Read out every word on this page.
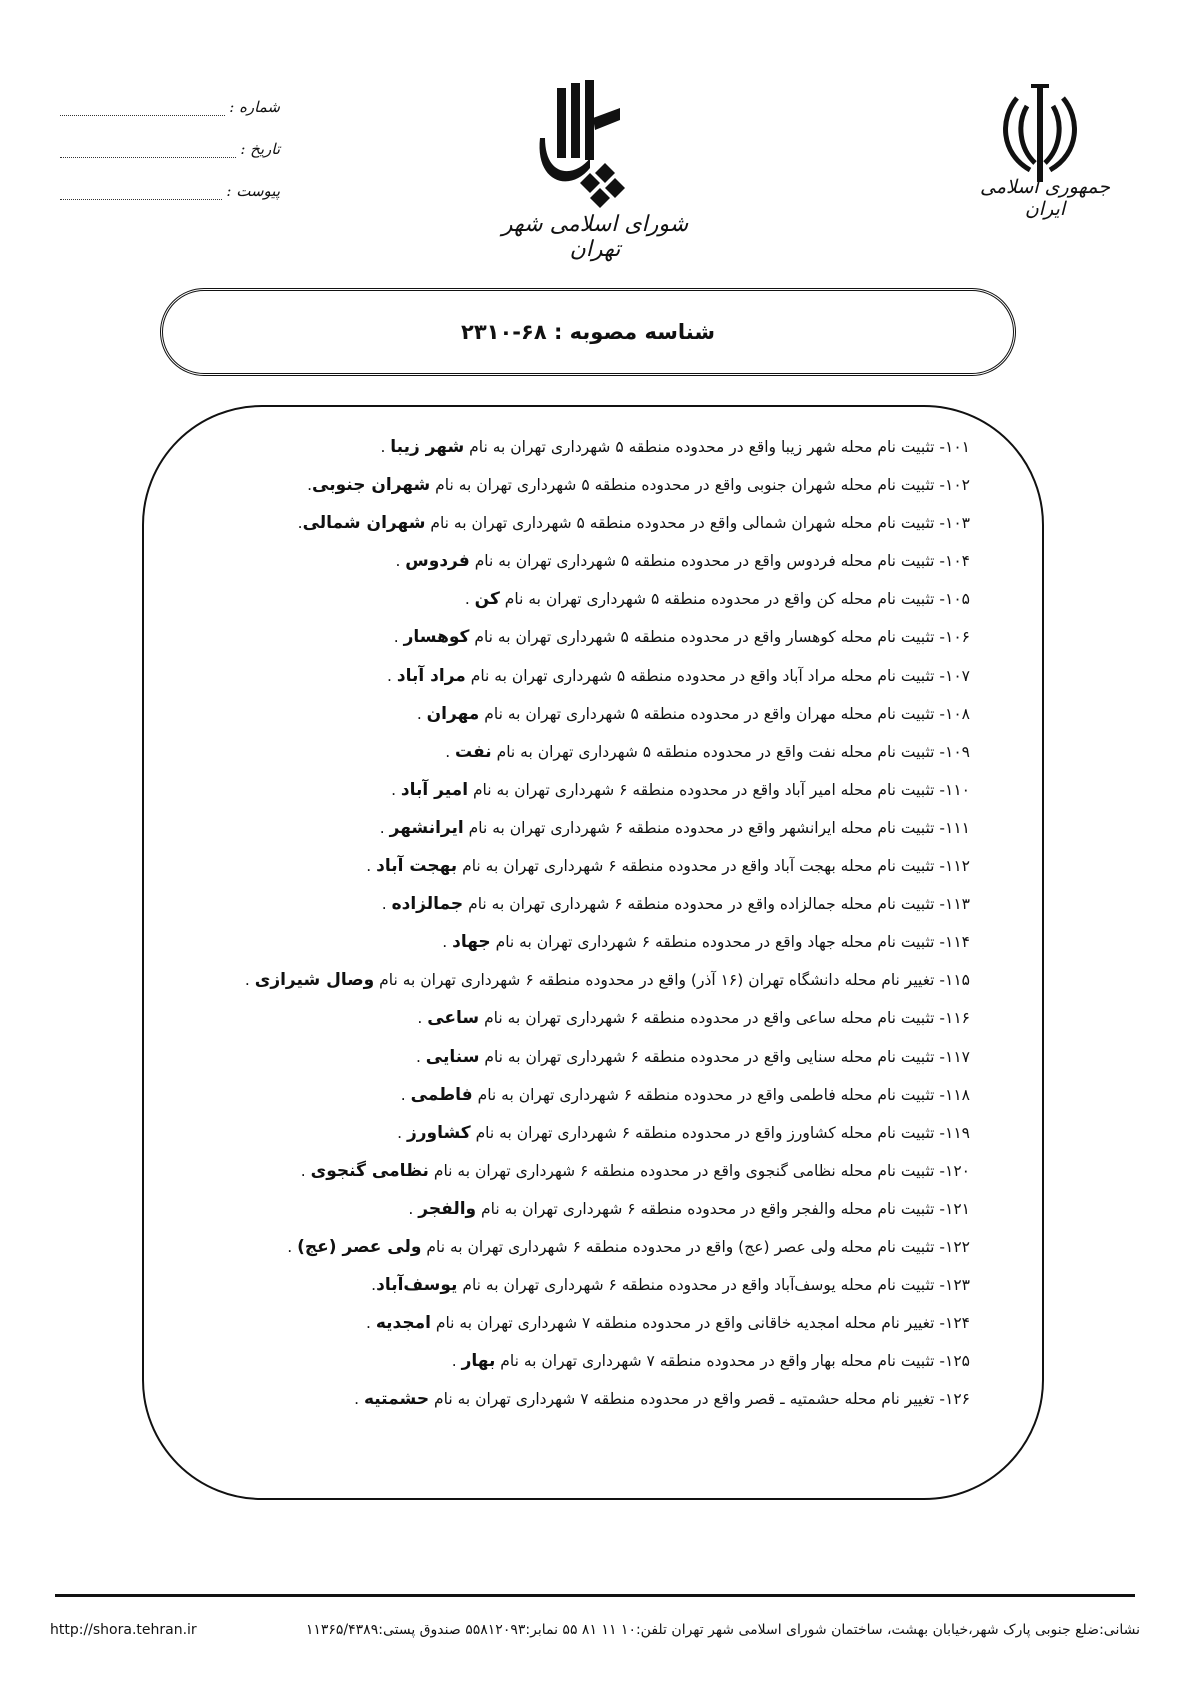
جمهوری اسلامی ایران
شورای اسلامی شهر تهران
شماره :
تاریخ :
پیوست :
شناسه مصوبه : ۶۸-۲۳۱۰
۱۰۱- تثبیت نام محله شهر زیبا واقع در محدوده منطقه ۵ شهرداری تهران به نام شهر زیبا .
۱۰۲- تثبیت نام محله شهران جنوبی واقع در محدوده منطقه ۵ شهرداری تهران به نام شهران جنوبی.
۱۰۳- تثبیت نام محله شهران شمالی واقع در محدوده منطقه ۵ شهرداری تهران به نام شهران شمالی.
۱۰۴- تثبیت نام محله فردوس واقع در محدوده منطقه ۵ شهرداری تهران به نام فردوس .
۱۰۵- تثبیت نام محله کن واقع در محدوده منطقه ۵ شهرداری تهران به نام کن .
۱۰۶- تثبیت نام محله کوهسار واقع در محدوده منطقه ۵ شهرداری تهران به نام کوهسار .
۱۰۷- تثبیت نام محله مراد آباد واقع در محدوده منطقه ۵ شهرداری تهران به نام مراد آباد .
۱۰۸- تثبیت نام محله مهران واقع در محدوده منطقه ۵ شهرداری تهران به نام مهران .
۱۰۹- تثبیت نام محله نفت واقع در محدوده منطقه ۵ شهرداری تهران به نام نفت .
۱۱۰- تثبیت نام محله امیر آباد واقع در محدوده منطقه ۶ شهرداری تهران به نام امیر آباد .
۱۱۱- تثبیت نام محله ایرانشهر واقع در محدوده منطقه ۶ شهرداری تهران به نام ایرانشهر .
۱۱۲- تثبیت نام محله بهجت آباد واقع در محدوده منطقه ۶ شهرداری تهران به نام بهجت آباد .
۱۱۳- تثبیت نام محله جمالزاده واقع در محدوده منطقه ۶ شهرداری تهران به نام جمالزاده .
۱۱۴- تثبیت نام محله جهاد واقع در محدوده منطقه ۶ شهرداری تهران به نام جهاد .
۱۱۵- تغییر نام محله دانشگاه تهران (۱۶ آذر) واقع در محدوده منطقه ۶ شهرداری تهران به نام وصال شیرازی .
۱۱۶- تثبیت نام محله ساعی واقع در محدوده منطقه ۶ شهرداری تهران به نام ساعی .
۱۱۷- تثبیت نام محله سنایی واقع در محدوده منطقه ۶ شهرداری تهران به نام سنایی .
۱۱۸- تثبیت نام محله فاطمی واقع در محدوده منطقه ۶ شهرداری تهران به نام فاطمی .
۱۱۹- تثبیت نام محله کشاورز واقع در محدوده منطقه ۶ شهرداری تهران به نام کشاورز .
۱۲۰- تثبیت نام محله نظامی گنجوی واقع در محدوده منطقه ۶ شهرداری تهران به نام نظامی گنجوی .
۱۲۱- تثبیت نام محله والفجر واقع در محدوده منطقه ۶ شهرداری تهران به نام والفجر .
۱۲۲- تثبیت نام محله ولی عصر (عج) واقع در محدوده منطقه ۶ شهرداری تهران به نام ولی عصر (عج) .
۱۲۳- تثبیت نام محله یوسف‌آباد واقع در محدوده منطقه ۶ شهرداری تهران به نام یوسف‌آباد.
۱۲۴- تغییر نام محله امجدیه خاقانی واقع در محدوده منطقه ۷ شهرداری تهران به نام امجدیه .
۱۲۵- تثبیت نام محله بهار واقع در محدوده منطقه ۷ شهرداری تهران به نام بهار .
۱۲۶- تغییر نام محله حشمتیه ـ قصر واقع در محدوده منطقه ۷ شهرداری تهران به نام حشمتیه .
نشانی:ضلع جنوبی پارک شهر،خیابان بهشت، ساختمان شورای اسلامی شهر تهران تلفن:۱۰ ۱۱ ۸۱ ۵۵ نمابر:۵۵۸۱۲۰۹۳ صندوق پستی:۱۱۳۶۵/۴۳۸۹
http://shora.tehran.ir
